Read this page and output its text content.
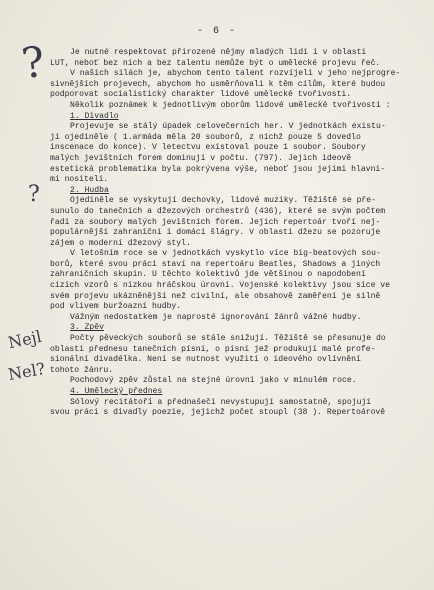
- 6 -
?
?
Nejl
Nel?
Je nutné respektovat přirozené nějmy mladých lidí i v oblasti
LUT, neboť bez nich a bez talentu nemůže být o umělecké projevu řeč.
V našich silách je, abychom tento talent rozvíjeli v jeho nejprogre-
sivnějších projevech, abychom ho usměrňovali k těm cílům, které budou
podporovat socialistický charakter lidové umělecké tvořivosti.
Několik poznámek k jednotlivým oborům lidové umělecké tvořivosti :
1. Divadlo
Projevuje se stálý úpadek celovečerních her. V jednotkách existu-
jí ojediněle ( 1.armáda měla 20 souborů, z nichž pouze 5 dovedlo
inscenace do konce). V letectvu existoval pouze 1 soubor. Soubory
malých jevištních forem dominují v počtu. (797). Jejich ideově
estetická problematika byla pokrývena výše, neboť jsou jejími hlavní-
mi nositeli.
2. Hudba
Ojediněle se vyskytují dechovky, lidové muziky. Těžiště se pře-
sunulo do tanečních a džezových orchestrů (436), které se svým počtem
řadí za soubory malých jevištních forem. Jejich repertoár tvoří nej-
populárnější zahraniční i domácí šlágry. V oblasti džezu se pozoruje
zájem o moderní džezový styl.
V letošním roce se v jednotkách vyskytlo více big-beatových sou-
borů, které svou práci staví na repertoáru Beatles, Shadows a jiných
zahraničních skupin. U těchto kolektivů jde většinou o napodobení
cizích vzorů s nízkou hráčskou úrovní. Vojenské kolektivy jsou sice ve
svém projevu ukázněnější než civilní, ale obsahově zaměření je silně
pod vlivem buržoazní hudby.
Vážným nedostatkem je naprosté ignorování žánrů vážné hudby.
3. Zpěv
Počty pěveckých souborů se stále snižují. Těžiště se přesunuje do
oblasti přednesu tanečních písní, o písní jež produkují malé profe-
sionální divadélka. Není se nutnost využití o ideového ovlivnění
tohoto žánru.
Pochodový zpěv zůstal na stejné úrovni jako v minulém roce.
4. Umělecký přednes
Sólový recitátoři a přednašeči nevystupují samostatně, spojují
svou práci s divadly poezie, jejichž počet stoupl (38 ). Repertoárově
